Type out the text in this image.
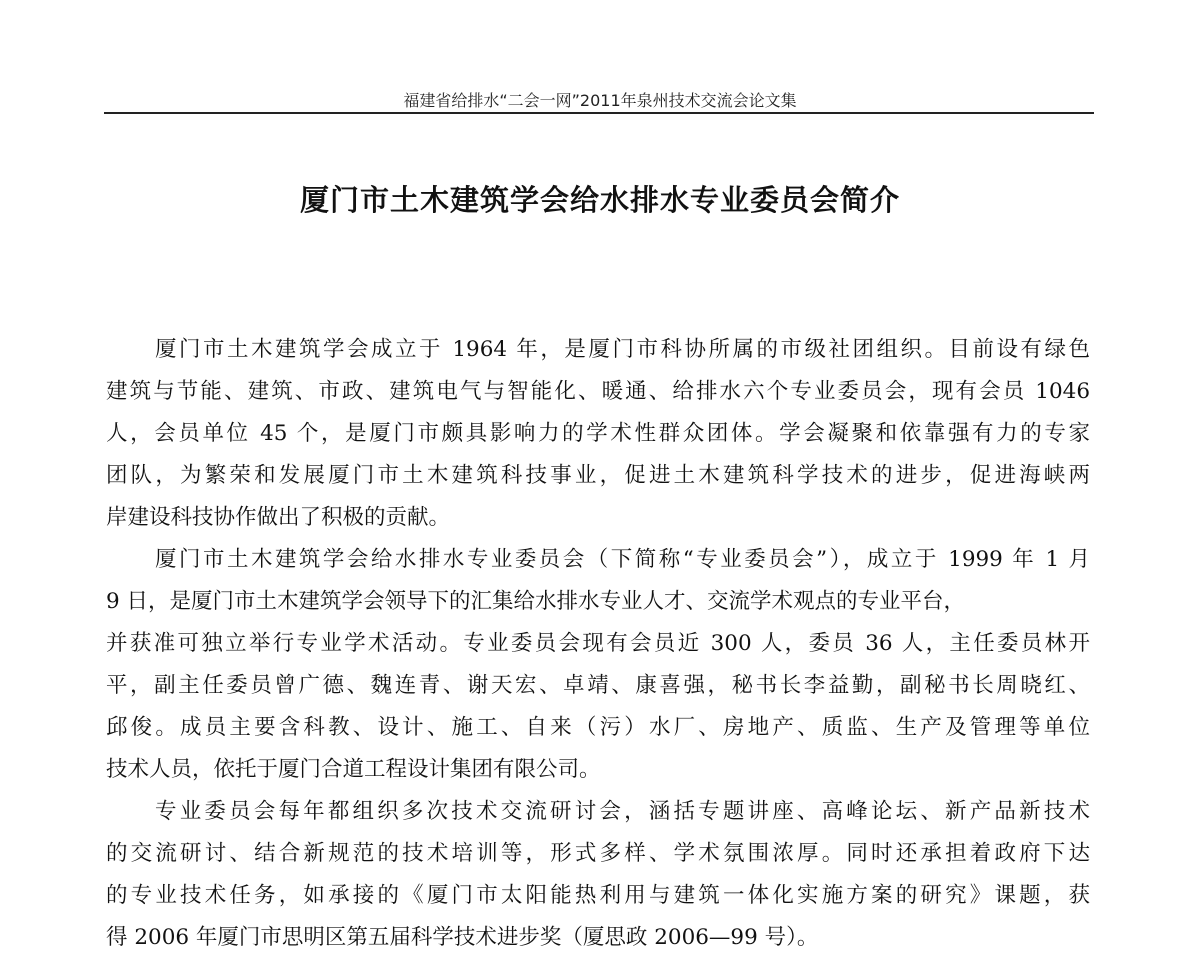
福建省给排水“二会一网”2011年泉州技术交流会论文集
厦门市土木建筑学会给水排水专业委员会简介
厦门市土木建筑学会成立于 1964 年，是厦门市科协所属的市级社团组织。目前设有绿色
建筑与节能、建筑、市政、建筑电气与智能化、暖通、给排水六个专业委员会，现有会员 1046
人，会员单位 45 个，是厦门市颇具影响力的学术性群众团体。学会凝聚和依靠强有力的专家
团队，为繁荣和发展厦门市土木建筑科技事业，促进土木建筑科学技术的进步，促进海峡两
岸建设科技协作做出了积极的贡献。
厦门市土木建筑学会给水排水专业委员会（下简称“专业委员会”），成立于 1999 年 1 月
9 日，是厦门市土木建筑学会领导下的汇集给水排水专业人才、交流学术观点的专业平台，
并获准可独立举行专业学术活动。专业委员会现有会员近 300 人，委员 36 人，主任委员林开
平，副主任委员曾广德、魏连青、谢天宏、卓靖、康喜强，秘书长李益勤，副秘书长周晓红、
邱俊。成员主要含科教、设计、施工、自来（污）水厂、房地产、质监、生产及管理等单位
技术人员，依托于厦门合道工程设计集团有限公司。
专业委员会每年都组织多次技术交流研讨会，涵括专题讲座、高峰论坛、新产品新技术
的交流研讨、结合新规范的技术培训等，形式多样、学术氛围浓厚。同时还承担着政府下达
的专业技术任务，如承接的《厦门市太阳能热利用与建筑一体化实施方案的研究》课题，获
得 2006 年厦门市思明区第五届科学技术进步奖（厦思政 2006—99 号）。
